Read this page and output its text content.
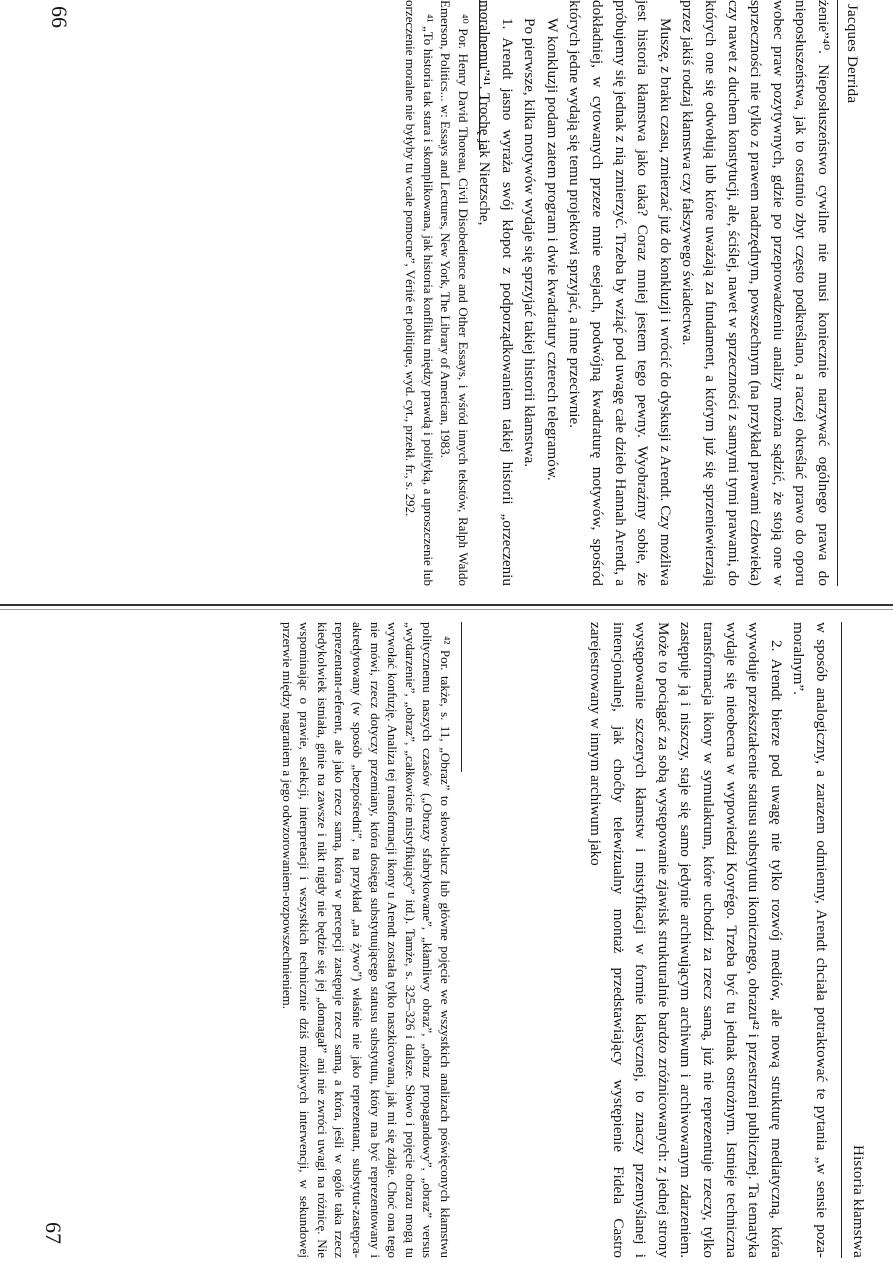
Jacques Derrida

żenie”⁴⁰. Nieposłuszeństwo cywilne nie musi koniecznie narzywać ogólnego prawa do nieposłuszeństwa, jak to ostatnio zbyt często podkreślano, a raczej określać prawo do oporu wobec praw pozytywnych, gdzie po przeprowadzeniu analizy można sądzić, że stoją one w sprzeczności nie tylko z prawem nadrzędnym, powszechnym (na przykład prawami człowieka) czy nawet z duchem konstytucji, ale, ściślej, nawet w sprzeczności z samymi tymi prawami, do których one się odwołują lub które uważają za fundament, a którym już się sprzeniewierzają przez jakiś rodzaj kłamstwa czy fałszywego świadectwa.

Muszę, z braku czasu, zmierzać już do konkluzji i wrócić do dyskusji z Arendt. Czy możliwa jest historia kłamstwa jako taka? Coraz mniej jestem tego pewny. Wyobraźmy sobie, że próbujemy się jednak z nią zmierzyć. Trzeba by wziąć pod uwagę całe dzieło Hannah Arendt, a dokładniej, w cytowanych przeze mnie esejach, podwójną kwadraturę motywów, spośród których jedne wydają się temu projektowi sprzyjać, a inne przeciwnie.

W konkluzji podam zatem program i dwie kwadratury czterech telegramów.

Po pierwsze, kilka motywów wydaje się sprzyjać takiej historii kłamstwa.

1. Arendt jasno wyraża swój kłopot z podporządkowaniem takiej historii „orzeczeniu moralnemu”⁴¹. Trochę jak Nietzsche,

⁴⁰ Por. Henry David Thoreau, Civil Disobedience and Other Essays, i wśród innych tekstów, Ralph Waldo Emerson, Politics... w: Essays and Lectures, New York, The Library of American, 1983.

⁴¹ „To historia tak stara i skomplikowana, jak historia konfliktu między prawdą i polityką, a uproszczenie lub orzeczenie moralne nie byłyby tu wcale pomocne”, Vérité et politique, wyd. cyt., przekł. fr., s. 292.

66
Historia kłamstwa

w sposób analogiczny, a zarazem odmienny, Arendt chciała potraktować te pytania „w sensie poza-moralnym”.

2. Arendt bierze pod uwagę nie tylko rozwój mediów, ale nową strukturę mediatyczną, która wywołuje przekształcenie statusu substytutu ikonicznego, obrazu⁴² i przestrzeni publicznej. Ta tematyka wydaje się nieobecna w wypowiedzi Koyrégo. Trzeba być tu jednak ostrożnym. Istnieje techniczna transformacja ikony w symulakrum, które uchodzi za rzecz samą, już nie reprezentuje rzeczy, tylko zastępuje ją i niszczy, staje się samo jedynie archiwującym archiwum i archiwowanym zdarzeniem. Może to pociągać za sobą występowanie zjawisk strukturalnie bardzo zróżnicowanych: z jednej strony występowanie szczerych kłamstw i mistyfikacji w formie klasycznej, to znaczy przemyślanej i intencjonalnej, jak choćby telewizualny montaż przedstawiający występienie Fidela Castro zarejestrowany w innym archiwum jako

⁴² Por. także, s. 11, „Obraz” to słowo-klucz lub główne pojęcie we wszystkich analizach poświęconych kłamstwu politycznemu naszych czasów („Obrazy sfabrykowane”, „kłamliwy obraz”, „obraz propagandowy”, „obraz” versus „wydarzenie”, „obraz”, „całkowicie mistyfikujący” itd.). Tamże, s. 325–326 i dalsze. Słowo i pojęcie obrazu mogą tu wywołać konfuzję. Analiza tej transformacji ikony u Arendt została tylko naszkicowana, jak mi się zdaje. Choć ona tego nie mówi, rzecz dotyczy przemiany, która dosięga substytuującego statusu substytutu, który ma być reprezentowany i akredytowany (w sposób „bezpośredni”, na przykład „na żywo”) właśnie nie jako reprezentant, substytut-zastępca-reprezentant-referent, ale jako rzecz samą, która w percepcji zastępuje rzecz samą, a która, jeśli w ogóle taka rzecz kiedykolwiek istniała, ginie na zawsze i nikt nigdy nie będzie się jej „domagał” ani nie zwróci uwagi na różnicę. Nie wspominając o prawie, selekcji, interpretacji i wszystkich technicznie dziś możliwych interwencji, w sekundowej przerwie między nagraniem a jego odwzorowaniem-rozpowszechnieniem.

67
